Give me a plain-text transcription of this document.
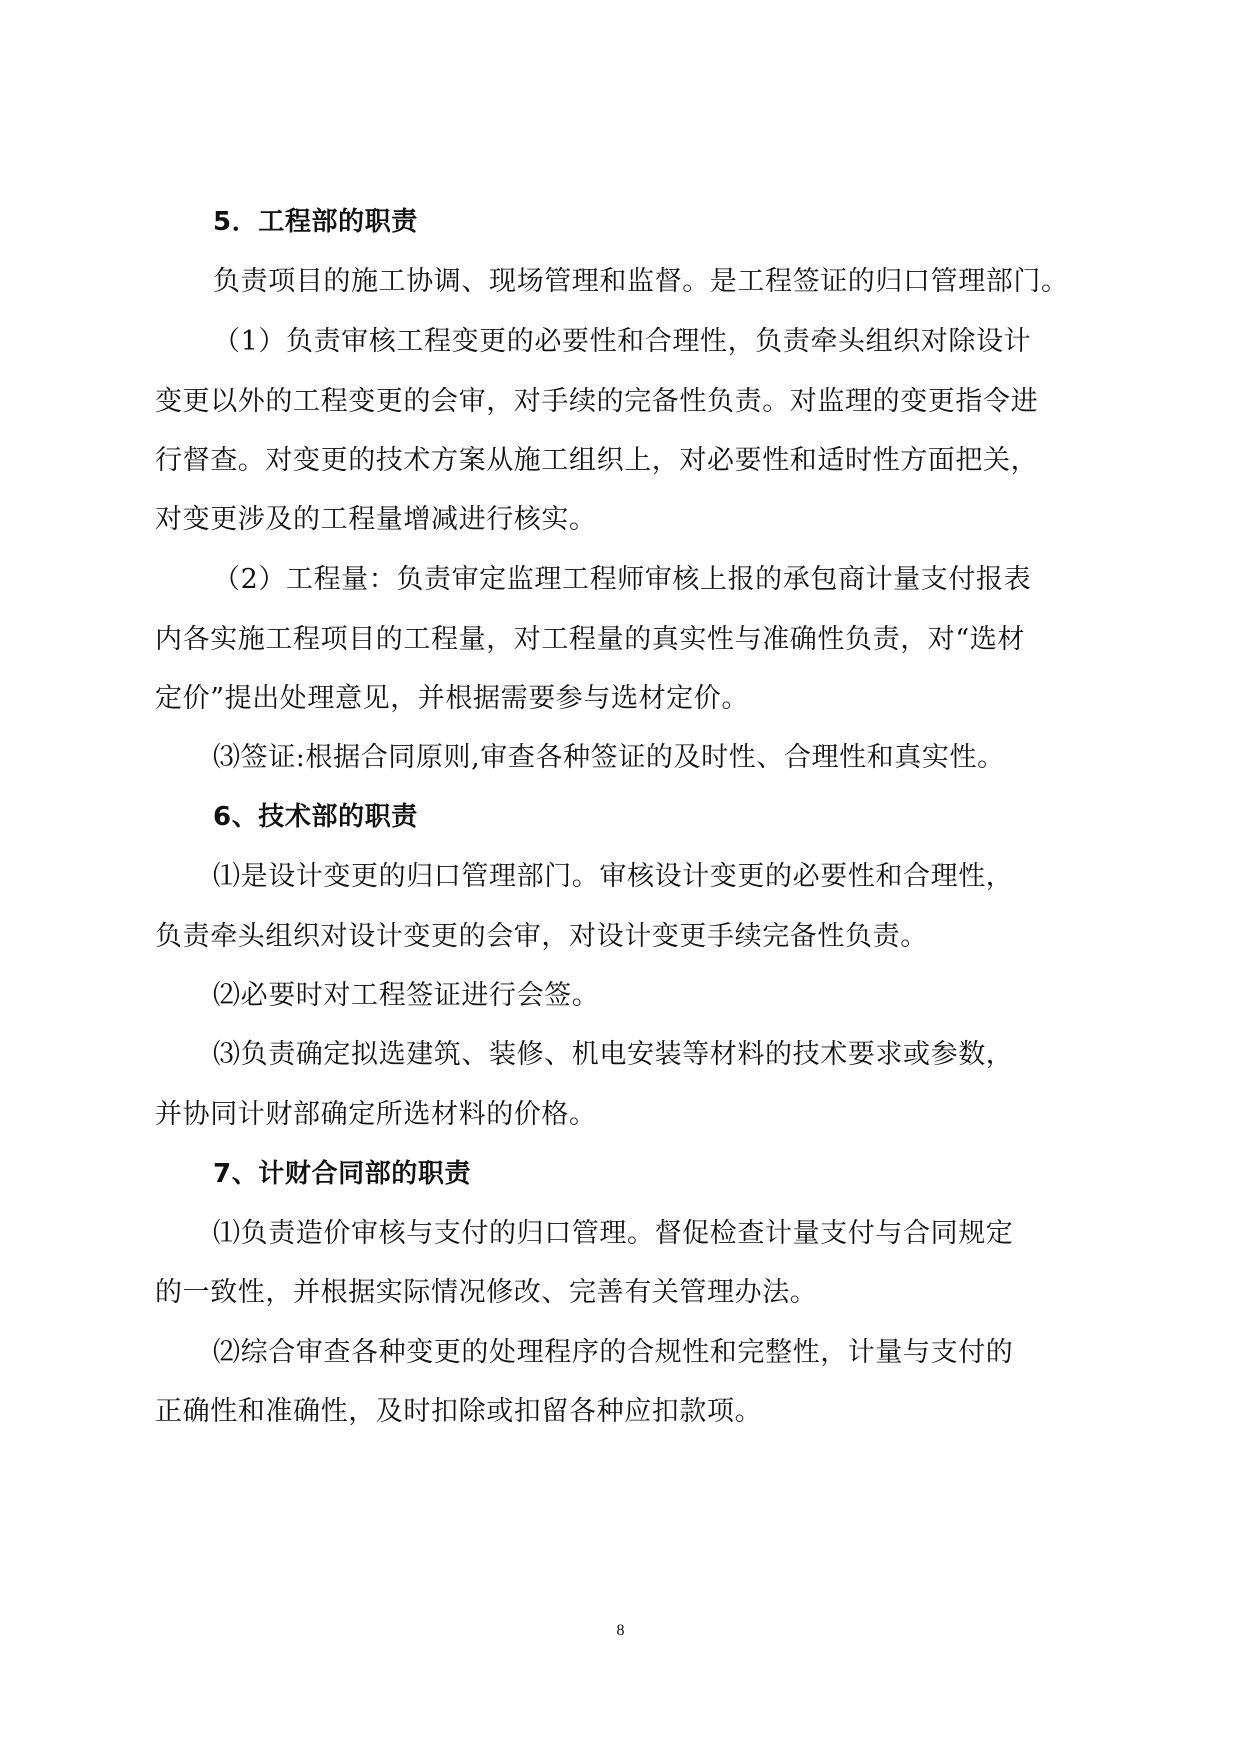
5．工程部的职责
负责项目的施工协调、现场管理和监督。是工程签证的归口管理部门。
（1）负责审核工程变更的必要性和合理性，负责牵头组织对除设计
变更以外的工程变更的会审，对手续的完备性负责。对监理的变更指令进
行督查。对变更的技术方案从施工组织上，对必要性和适时性方面把关，
对变更涉及的工程量增减进行核实。
（2）工程量：负责审定监理工程师审核上报的承包商计量支付报表
内各实施工程项目的工程量，对工程量的真实性与准确性负责，对“选材
定价”提出处理意见，并根据需要参与选材定价。
⑶签证:根据合同原则,审查各种签证的及时性、合理性和真实性。
6、技术部的职责
⑴是设计变更的归口管理部门。审核设计变更的必要性和合理性，
负责牵头组织对设计变更的会审，对设计变更手续完备性负责。
⑵必要时对工程签证进行会签。
⑶负责确定拟选建筑、装修、机电安装等材料的技术要求或参数，
并协同计财部确定所选材料的价格。
7、计财合同部的职责
⑴负责造价审核与支付的归口管理。督促检查计量支付与合同规定
的一致性，并根据实际情况修改、完善有关管理办法。
⑵综合审查各种变更的处理程序的合规性和完整性，计量与支付的
正确性和准确性，及时扣除或扣留各种应扣款项。
8
